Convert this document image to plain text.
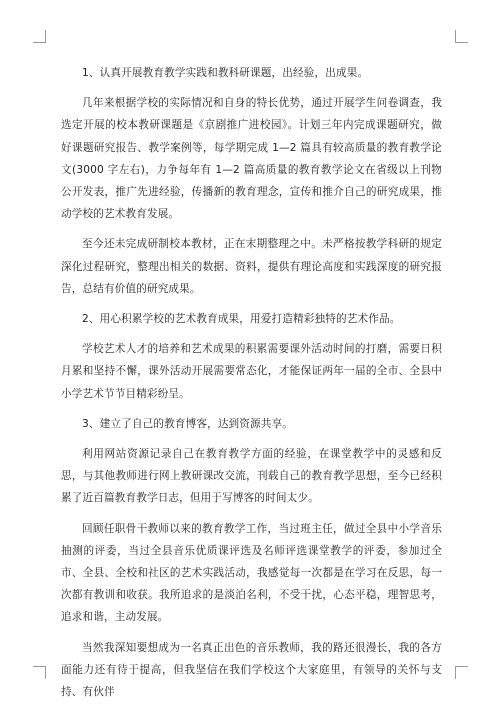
1、认真开展教育教学实践和教科研课题，出经验，出成果。

几年来根据学校的实际情况和自身的特长优势，通过开展学生问卷调查，我选定开展的校本教研课题是《京剧推广进校园》。计划三年内完成课题研究，做好课题研究报告、教学案例等，每学期完成 1—2 篇具有较高质量的教育教学论文(3000 字左右)，力争每年有 1—2 篇高质量的教育教学论文在省级以上刊物公开发表，推广先进经验，传播新的教育理念，宣传和推介自己的研究成果，推动学校的艺术教育发展。

至今还未完成研制校本教材，正在末期整理之中。未严格按教学科研的规定深化过程研究，整理出相关的数据、资料，提供有理论高度和实践深度的研究报告，总结有价值的研究成果。

2、用心积累学校的艺术教育成果，用爱打造精彩独特的艺术作品。

学校艺术人才的培养和艺术成果的积累需要课外活动时间的打磨，需要日积月累和坚持不懈，课外活动开展需要常态化，才能保证两年一届的全市、全县中小学艺术节节目精彩纷呈。

3、建立了自己的教育博客，达到资源共享。

利用网站资源记录自己在教育教学方面的经验，在课堂教学中的灵感和反思，与其他教师进行网上教研课改交流，刊载自己的教育教学思想，至今已经积累了近百篇教育教学日志，但用于写博客的时间太少。

回顾任职骨干教师以来的教育教学工作，当过班主任，做过全县中小学音乐抽测的评委，当过全县音乐优质课评选及名师评选课堂教学的评委，参加过全市、全县、全校和社区的艺术实践活动，我感觉每一次都是在学习在反思，每一次都有教训和收获。我所追求的是淡泊名利，不受干扰，心态平稳，理智思考，追求和谐，主动发展。

当然我深知要想成为一名真正出色的音乐教师，我的路还很漫长，我的各方面能力还有待于提高，但我坚信在我们学校这个大家庭里，有领导的关怀与支持、有伙伴
